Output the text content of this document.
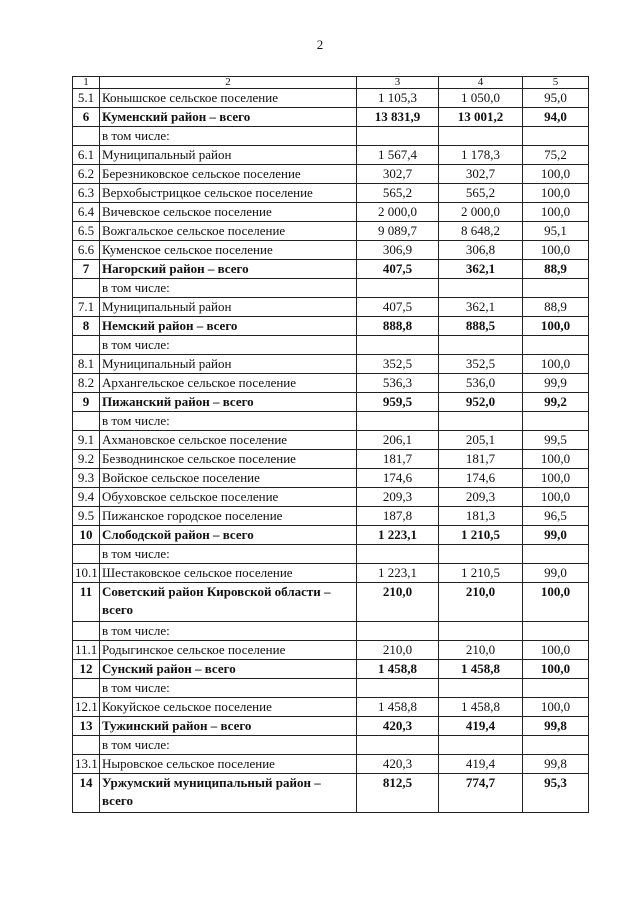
2
1	2	3	4	5
5.1	Конышское сельское поселение	1 105,3	1 050,0	95,0
6	Куменский район – всего	13 831,9	13 001,2	94,0
	в том числе:			
6.1	Муниципальный район	1 567,4	1 178,3	75,2
6.2	Березниковское сельское поселение	302,7	302,7	100,0
6.3	Верхобыстрицкое сельское поселение	565,2	565,2	100,0
6.4	Вичевское сельское поселение	2 000,0	2 000,0	100,0
6.5	Вожгальское сельское поселение	9 089,7	8 648,2	95,1
6.6	Куменское сельское поселение	306,9	306,8	100,0
7	Нагорский район – всего	407,5	362,1	88,9
	в том числе:			
7.1	Муниципальный район	407,5	362,1	88,9
8	Немский район – всего	888,8	888,5	100,0
	в том числе:			
8.1	Муниципальный район	352,5	352,5	100,0
8.2	Архангельское сельское поселение	536,3	536,0	99,9
9	Пижанский район – всего	959,5	952,0	99,2
	в том числе:			
9.1	Ахмановское сельское поселение	206,1	205,1	99,5
9.2	Безводнинское сельское поселение	181,7	181,7	100,0
9.3	Войское сельское поселение	174,6	174,6	100,0
9.4	Обуховское сельское поселение	209,3	209,3	100,0
9.5	Пижанское городское поселение	187,8	181,3	96,5
10	Слободской район – всего	1 223,1	1 210,5	99,0
	в том числе:			
10.1	Шестаковское сельское поселение	1 223,1	1 210,5	99,0
11	Советский район Кировской области – всего	210,0	210,0	100,0
	в том числе:			
11.1	Родыгинское сельское поселение	210,0	210,0	100,0
12	Сунский район – всего	1 458,8	1 458,8	100,0
	в том числе:			
12.1	Кокуйское сельское поселение	1 458,8	1 458,8	100,0
13	Тужинский район – всего	420,3	419,4	99,8
	в том числе:			
13.1	Ныровское сельское поселение	420,3	419,4	99,8
14	Уржумский муниципальный район – всего	812,5	774,7	95,3
